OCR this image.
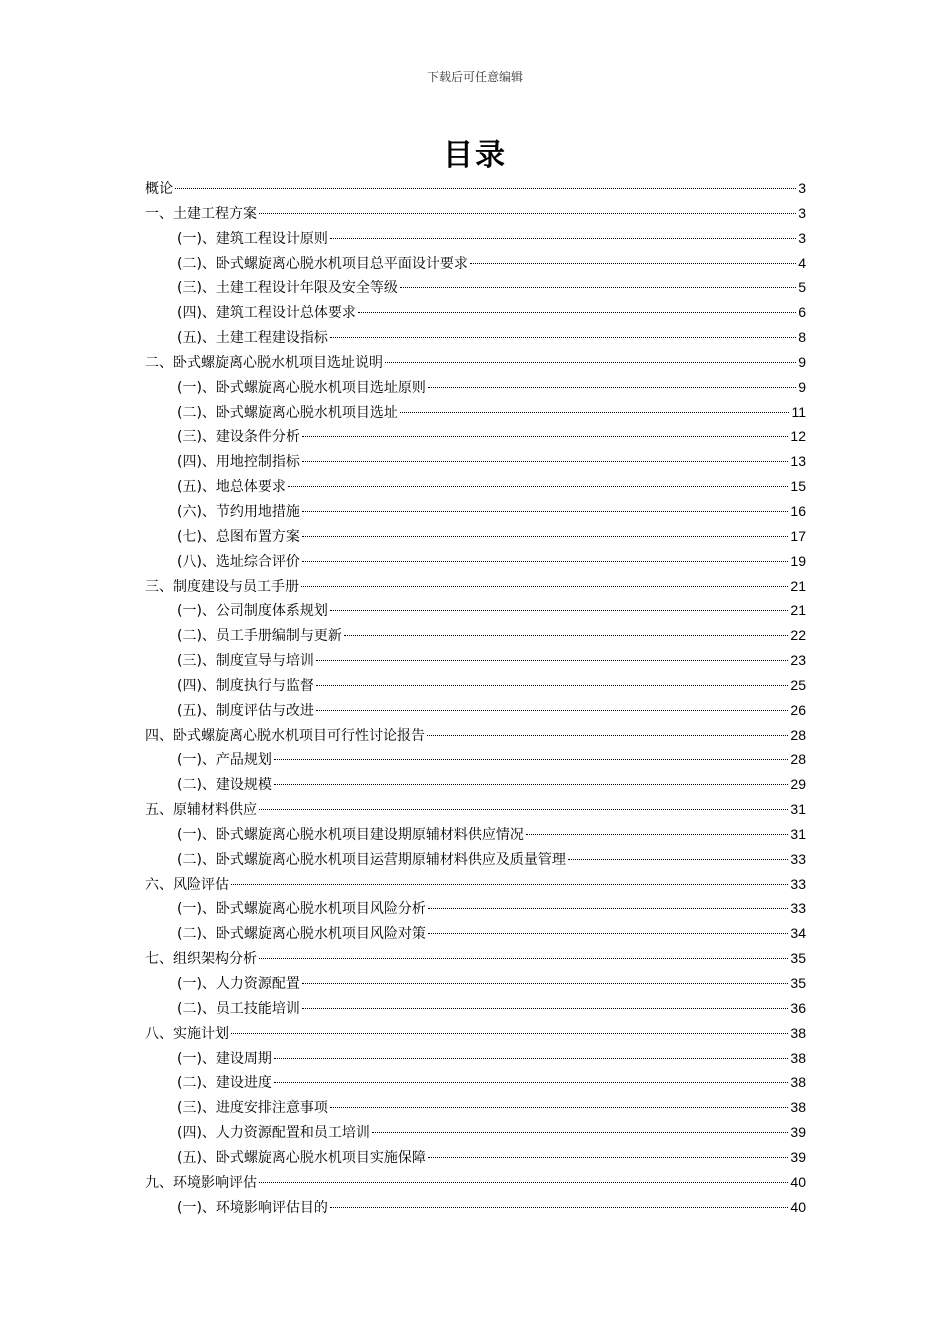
下载后可任意编辑
目录
概论	3
一、土建工程方案	3
(一)、建筑工程设计原则	3
(二)、卧式螺旋离心脱水机项目总平面设计要求	4
(三)、土建工程设计年限及安全等级	5
(四)、建筑工程设计总体要求	6
(五)、土建工程建设指标	8
二、卧式螺旋离心脱水机项目选址说明	9
(一)、卧式螺旋离心脱水机项目选址原则	9
(二)、卧式螺旋离心脱水机项目选址	11
(三)、建设条件分析	12
(四)、用地控制指标	13
(五)、地总体要求	15
(六)、节约用地措施	16
(七)、总图布置方案	17
(八)、选址综合评价	19
三、制度建设与员工手册	21
(一)、公司制度体系规划	21
(二)、员工手册编制与更新	22
(三)、制度宣导与培训	23
(四)、制度执行与监督	25
(五)、制度评估与改进	26
四、卧式螺旋离心脱水机项目可行性讨论报告	28
(一)、产品规划	28
(二)、建设规模	29
五、原辅材料供应	31
(一)、卧式螺旋离心脱水机项目建设期原辅材料供应情况	31
(二)、卧式螺旋离心脱水机项目运营期原辅材料供应及质量管理	33
六、风险评估	33
(一)、卧式螺旋离心脱水机项目风险分析	33
(二)、卧式螺旋离心脱水机项目风险对策	34
七、组织架构分析	35
(一)、人力资源配置	35
(二)、员工技能培训	36
八、实施计划	38
(一)、建设周期	38
(二)、建设进度	38
(三)、进度安排注意事项	38
(四)、人力资源配置和员工培训	39
(五)、卧式螺旋离心脱水机项目实施保障	39
九、环境影响评估	40
(一)、环境影响评估目的	40
